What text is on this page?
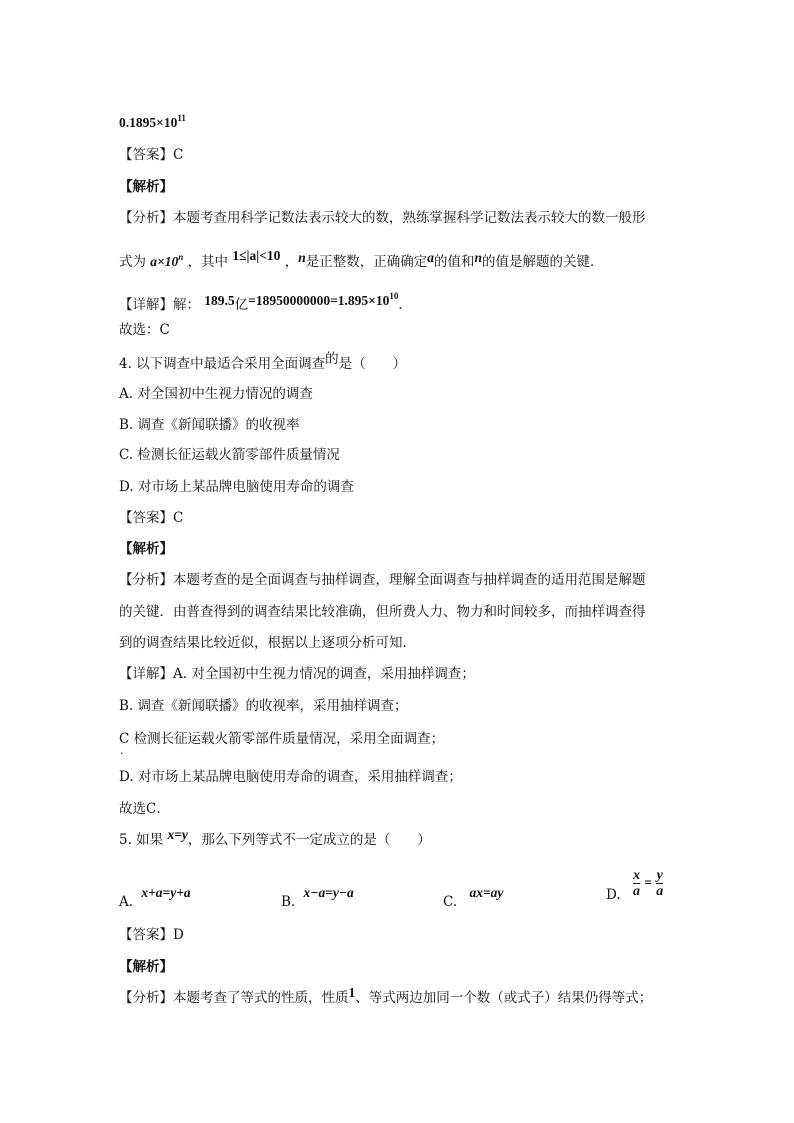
$0.1895\times 10^{11}$
【答案】C
【解析】
【分析】本题考查用科学记数法表示较大的数，熟练掌握科学记数法表示较大的数一般形
式为 $a\times 10^n$ ，其中 1≤|a|<10 ，n是正整数，正确确定a的值和n的值是解题的关键．
【详解】解： 189.5亿$=18950000000=1.895\times 10^{10}$．
故选：C
4. 以下调查中最适合采用全面调查的是（　　）
A. 对全国初中生视力情况的调查
B. 调查《新闻联播》的收视率
C. 检测长征运载火箭零部件质量情况
D. 对市场上某品牌电脑使用寿命的调查
【答案】C
【解析】
【分析】本题考查的是全面调查与抽样调查，理解全面调查与抽样调查的适用范围是解题
的关键．由普查得到的调查结果比较准确，但所费人力、物力和时间较多，而抽样调查得
到的调查结果比较近似，根据以上逐项分析可知．
【详解】A. 对全国初中生视力情况的调查，采用抽样调查；
B. 调查《新闻联播》的收视率，采用抽样调查；
C
.
检测长征运载火箭零部件质量情况，采用全面调查；
D. 对市场上某品牌电脑使用寿命的调查，采用抽样调查；
故选C．
5. 如果 x=y，那么下列等式不一定成立的是（　　）
A. x+a=y+a
B. x−a=y−a
C. ax=ay	D. $\frac{x}{a} = \frac{y}{a}$
【答案】D
【解析】
【分析】本题考查了等式的性质，性质1、等式两边加同一个数（或式子）结果仍得等式；
